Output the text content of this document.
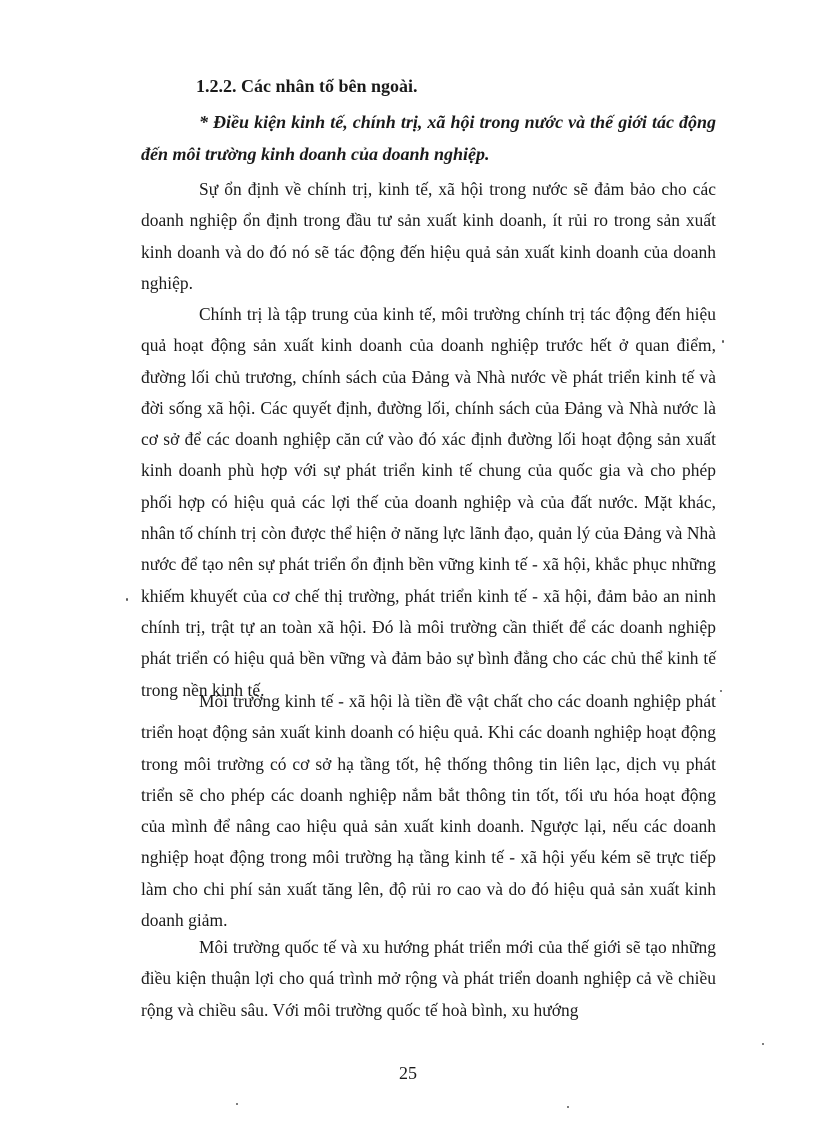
1.2.2. Các nhân tố bên ngoài.

* Điều kiện kinh tế, chính trị, xã hội trong nước và thế giới tác động đến môi trường kinh doanh của doanh nghiệp.

Sự ổn định về chính trị, kinh tế, xã hội trong nước sẽ đảm bảo cho các doanh nghiệp ổn định trong đầu tư sản xuất kinh doanh, ít rủi ro trong sản xuất kinh doanh và do đó nó sẽ tác động đến hiệu quả sản xuất kinh doanh của doanh nghiệp.

Chính trị là tập trung của kinh tế, môi trường chính trị tác động đến hiệu quả hoạt động sản xuất kinh doanh của doanh nghiệp trước hết ở quan điểm, đường lối chủ trương, chính sách của Đảng và Nhà nước về phát triển kinh tế và đời sống xã hội. Các quyết định, đường lối, chính sách của Đảng và Nhà nước là cơ sở để các doanh nghiệp căn cứ vào đó xác định đường lối hoạt động sản xuất kinh doanh phù hợp với sự phát triển kinh tế chung của quốc gia và cho phép phối hợp có hiệu quả các lợi thế của doanh nghiệp và của đất nước. Mặt khác, nhân tố chính trị còn được thể hiện ở năng lực lãnh đạo, quản lý của Đảng và Nhà nước để tạo nên sự phát triển ổn định bền vững kinh tế - xã hội, khắc phục những khiếm khuyết của cơ chế thị trường, phát triển kinh tế - xã hội, đảm bảo an ninh chính trị, trật tự an toàn xã hội. Đó là môi trường cần thiết để các doanh nghiệp phát triển có hiệu quả bền vững và đảm bảo sự bình đẳng cho các chủ thể kinh tế trong nền kinh tế.

Môi trường kinh tế - xã hội là tiền đề vật chất cho các doanh nghiệp phát triển hoạt động sản xuất kinh doanh có hiệu quả. Khi các doanh nghiệp hoạt động trong môi trường có cơ sở hạ tầng tốt, hệ thống thông tin liên lạc, dịch vụ phát triển sẽ cho phép các doanh nghiệp nắm bắt thông tin tốt, tối ưu hóa hoạt động của mình để nâng cao hiệu quả sản xuất kinh doanh. Ngược lại, nếu các doanh nghiệp hoạt động trong môi trường hạ tầng kinh tế - xã hội yếu kém sẽ trực tiếp làm cho chi phí sản xuất tăng lên, độ rủi ro cao và do đó hiệu quả sản xuất kinh doanh giảm.

Môi trường quốc tế và xu hướng phát triển mới của thế giới sẽ tạo những điều kiện thuận lợi cho quá trình mở rộng và phát triển doanh nghiệp cả về chiều rộng và chiều sâu. Với môi trường quốc tế hoà bình, xu hướng

25
